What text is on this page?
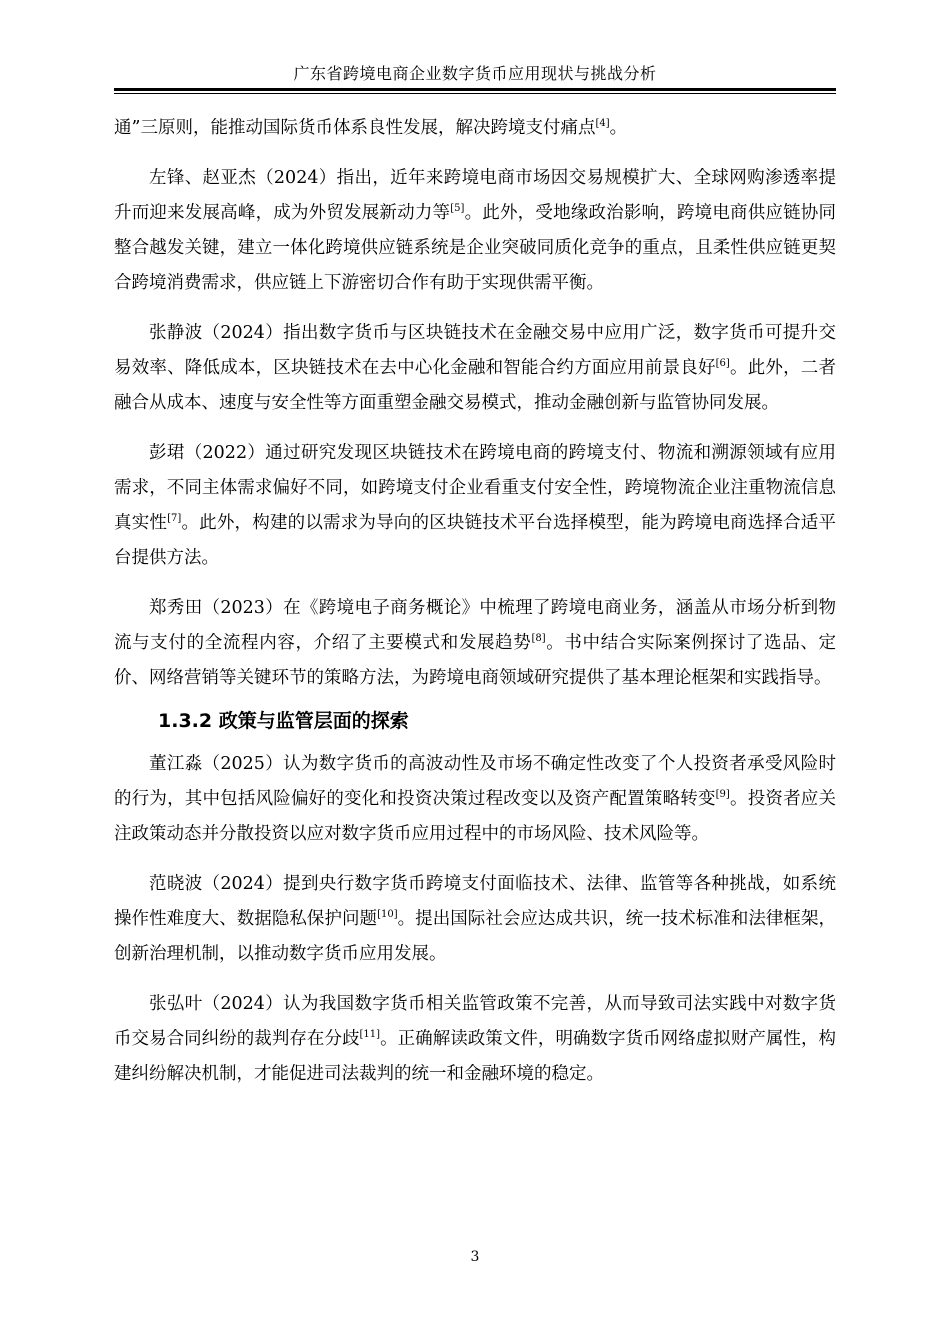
广东省跨境电商企业数字货币应用现状与挑战分析

通”三原则，能推动国际货币体系良性发展，解决跨境支付痛点[4]。

左锋、赵亚杰（2024）指出，近年来跨境电商市场因交易规模扩大、全球网购渗透率提升而迎来发展高峰，成为外贸发展新动力等[5]。此外，受地缘政治影响，跨境电商供应链协同整合越发关键，建立一体化跨境供应链系统是企业突破同质化竞争的重点，且柔性供应链更契合跨境消费需求，供应链上下游密切合作有助于实现供需平衡。

张静波（2024）指出数字货币与区块链技术在金融交易中应用广泛，数字货币可提升交易效率、降低成本，区块链技术在去中心化金融和智能合约方面应用前景良好[6]。此外，二者融合从成本、速度与安全性等方面重塑金融交易模式，推动金融创新与监管协同发展。

彭珺（2022）通过研究发现区块链技术在跨境电商的跨境支付、物流和溯源领域有应用需求，不同主体需求偏好不同，如跨境支付企业看重支付安全性，跨境物流企业注重物流信息真实性[7]。此外，构建的以需求为导向的区块链技术平台选择模型，能为跨境电商选择合适平台提供方法。

郑秀田（2023）在《跨境电子商务概论》中梳理了跨境电商业务，涵盖从市场分析到物流与支付的全流程内容，介绍了主要模式和发展趋势[8]。书中结合实际案例探讨了选品、定价、网络营销等关键环节的策略方法，为跨境电商领域研究提供了基本理论框架和实践指导。

1.3.2 政策与监管层面的探索

董江淼（2025）认为数字货币的高波动性及市场不确定性改变了个人投资者承受风险时的行为，其中包括风险偏好的变化和投资决策过程改变以及资产配置策略转变[9]。投资者应关注政策动态并分散投资以应对数字货币应用过程中的市场风险、技术风险等。

范晓波（2024）提到央行数字货币跨境支付面临技术、法律、监管等各种挑战，如系统操作性难度大、数据隐私保护问题[10]。提出国际社会应达成共识，统一技术标准和法律框架，创新治理机制，以推动数字货币应用发展。

张弘叶（2024）认为我国数字货币相关监管政策不完善，从而导致司法实践中对数字货币交易合同纠纷的裁判存在分歧[11]。正确解读政策文件，明确数字货币网络虚拟财产属性，构建纠纷解决机制，才能促进司法裁判的统一和金融环境的稳定。

3
